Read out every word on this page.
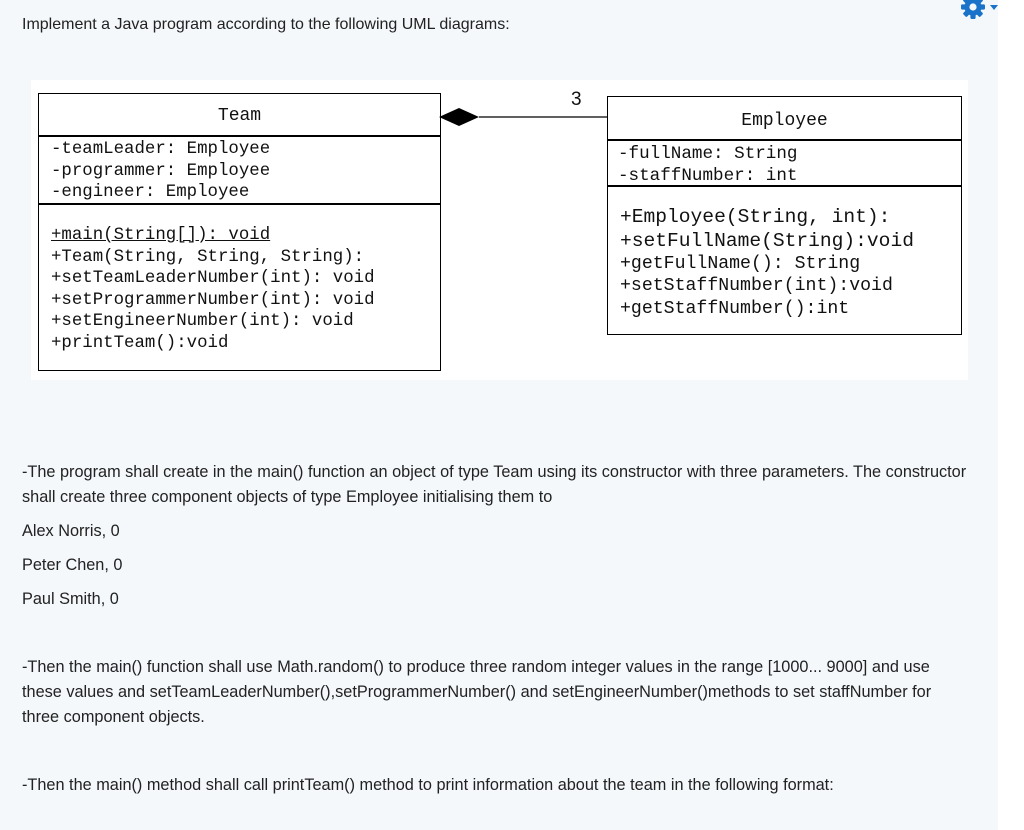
Implement a Java program according to the following UML diagrams:

Team
-teamLeader: Employee
-programmer: Employee
-engineer: Employee
+main(String[]): void
+Team(String, String, String):
+setTeamLeaderNumber(int): void
+setProgrammerNumber(int): void
+setEngineerNumber(int): void
+printTeam():void
3
Employee
-fullName: String
-staffNumber: int
+Employee(String, int):
+setFullName(String):void
+getFullName(): String
+setStaffNumber(int):void
+getStaffNumber():int

-The program shall create in the main() function an object of type Team using its constructor with three parameters. The constructor shall create three component objects of type Employee initialising them to

Alex Norris, 0

Peter Chen, 0

Paul Smith, 0

-Then the main() function shall use Math.random() to produce three random integer values in the range [1000... 9000] and use these values and setTeamLeaderNumber(),setProgrammerNumber() and setEngineerNumber()methods to set staffNumber for three component objects.

-Then the main() method shall call printTeam() method to print information about the team in the following format:
